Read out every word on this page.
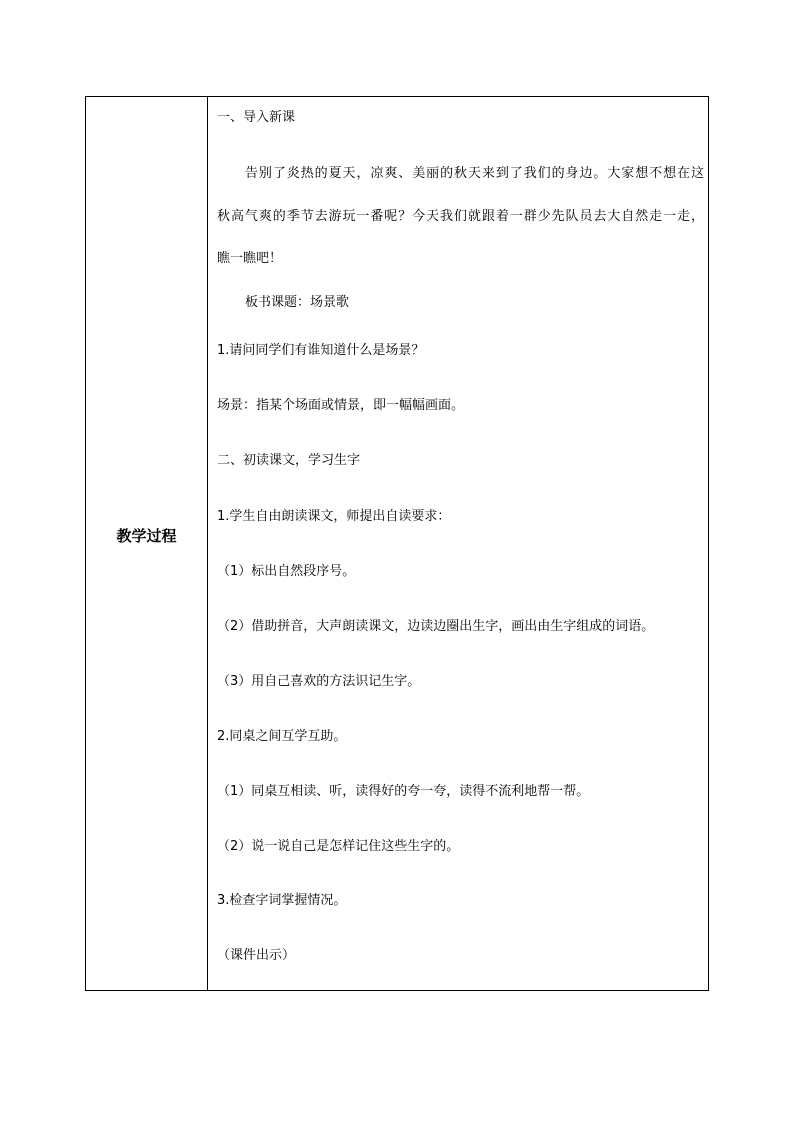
教学过程
一、导入新课
告别了炎热的夏天，凉爽、美丽的秋天来到了我们的身边。大家想不想在这
秋高气爽的季节去游玩一番呢？今天我们就跟着一群少先队员去大自然走一走，
瞧一瞧吧！
板书课题：场景歌
1.请问同学们有谁知道什么是场景？
场景：指某个场面或情景，即一幅幅画面。
二、初读课文，学习生字
1.学生自由朗读课文，师提出自读要求：
（1）标出自然段序号。
（2）借助拼音，大声朗读课文，边读边圈出生字，画出由生字组成的词语。
（3）用自己喜欢的方法识记生字。
2.同桌之间互学互助。
（1）同桌互相读、听，读得好的夸一夸，读得不流利地帮一帮。
（2）说一说自己是怎样记住这些生字的。
3.检查字词掌握情况。
（课件出示）
